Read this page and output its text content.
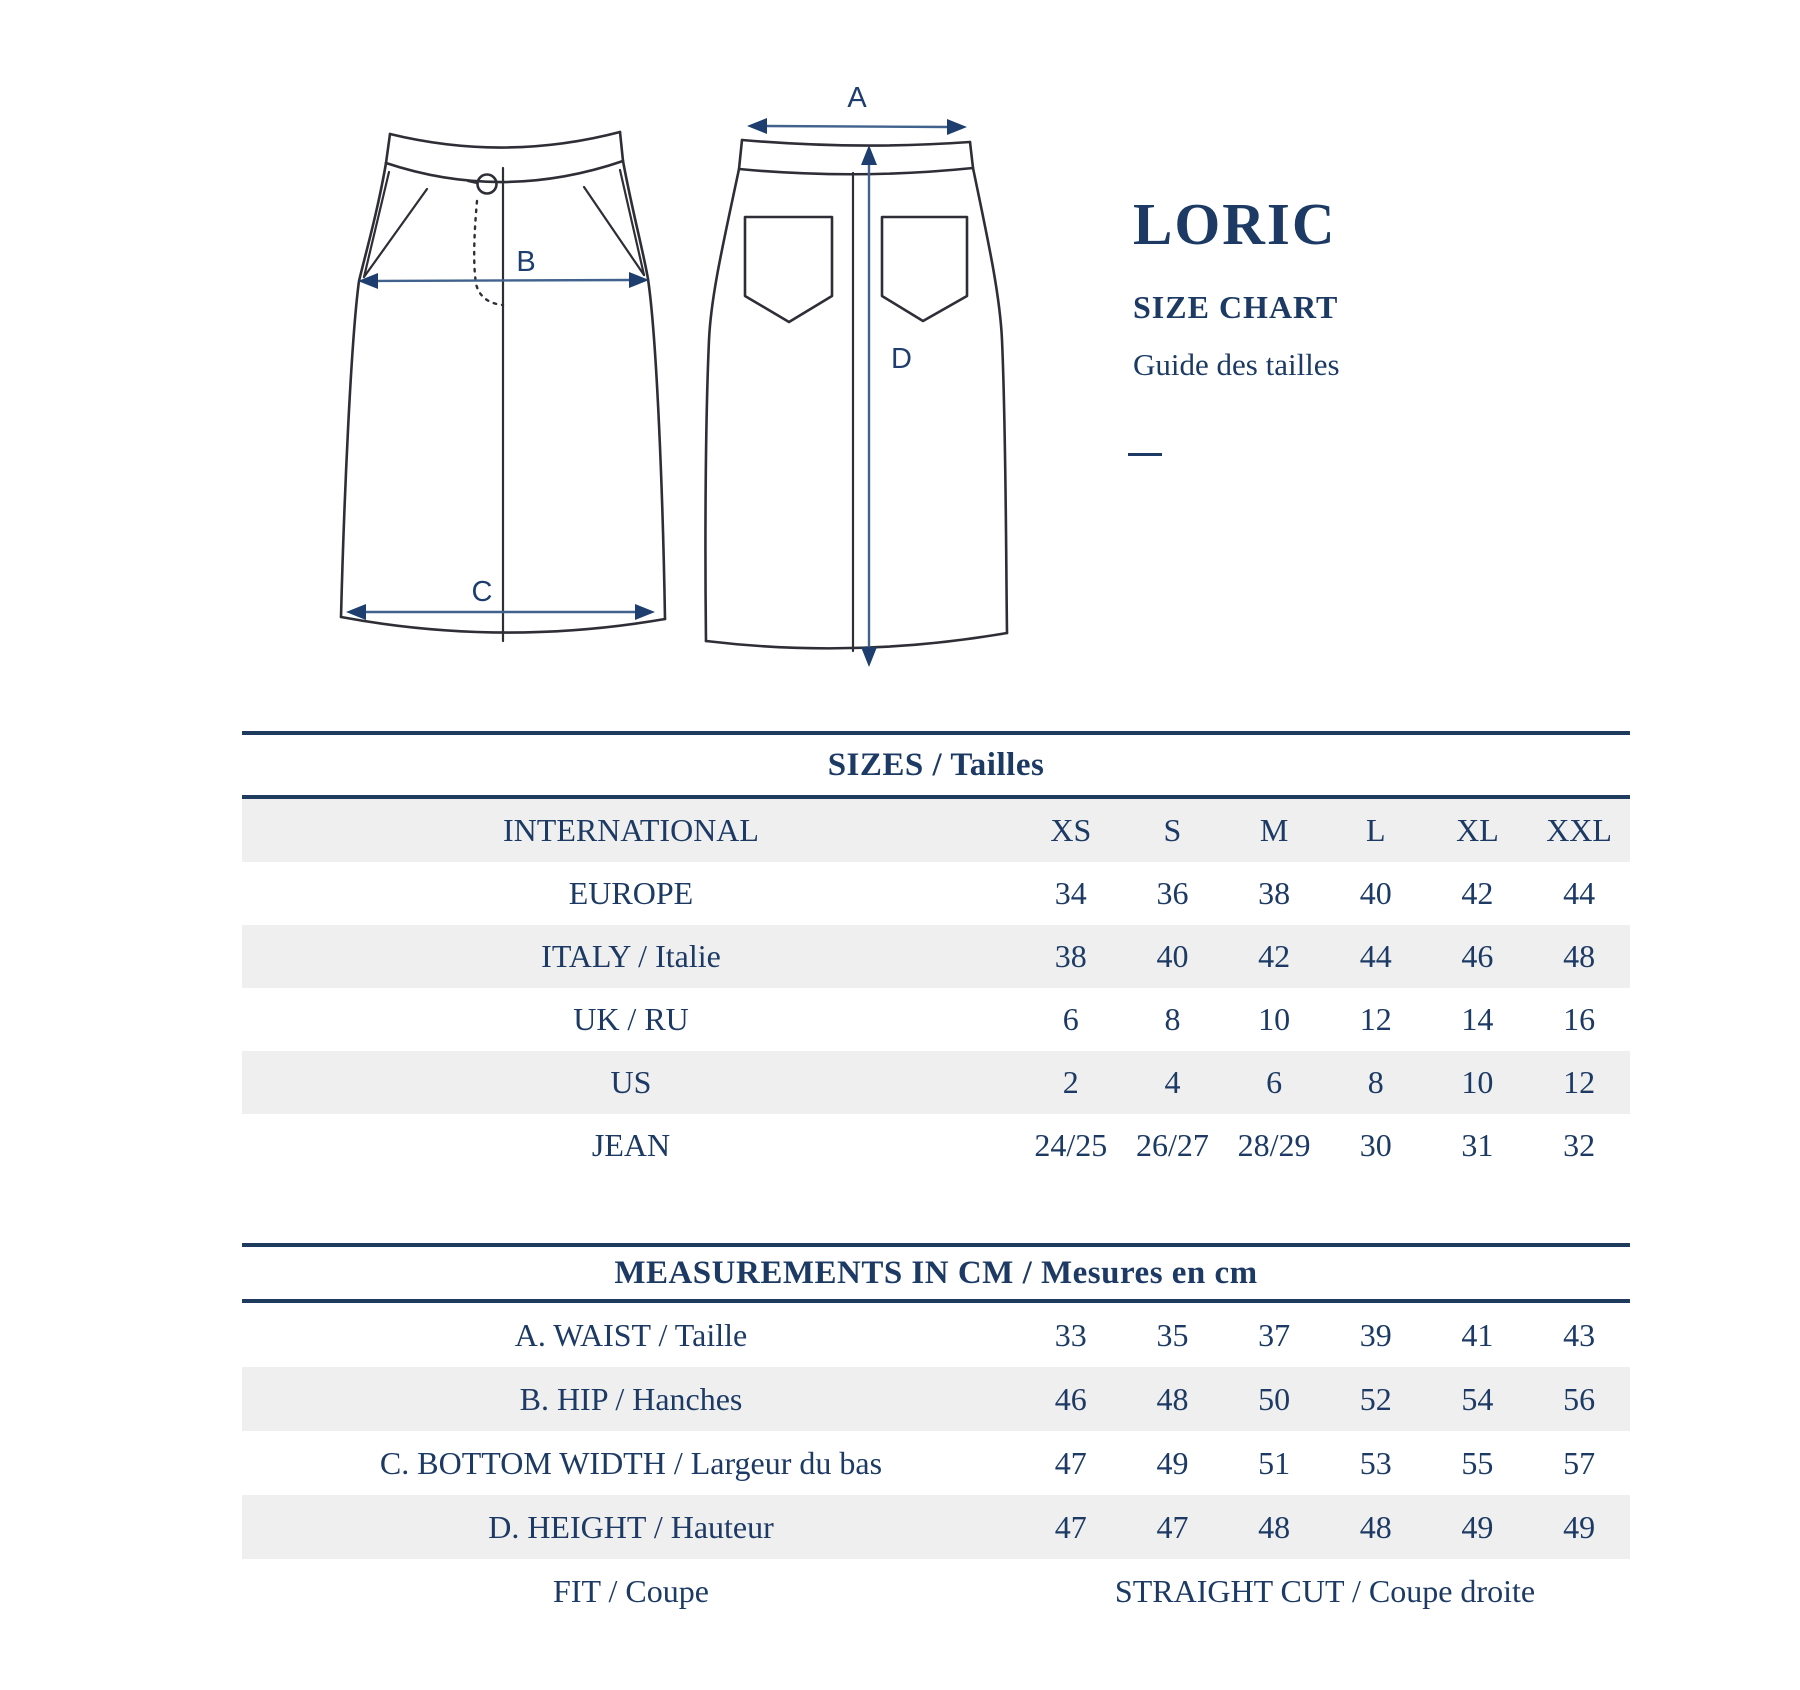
A
B
C
D
LORIC
SIZE CHART
Guide des tailles
SIZES / Tailles
INTERNATIONAL	XS	S	M	L	XL	XXL
EUROPE	34	36	38	40	42	44
ITALY / Italie	38	40	42	44	46	48
UK / RU	6	8	10	12	14	16
US	2	4	6	8	10	12
JEAN	24/25 26/27 28/29	30	31	32
MEASUREMENTS IN CM / Mesures en cm
A. WAIST / Taille	33	35	37	39	41	43
B. HIP / Hanches	46	48	50	52	54	56
C. BOTTOM WIDTH / Largeur du bas	47	49	51	53	55	57
D. HEIGHT / Hauteur	47	47	48	48	49	49
FIT / Coupe	STRAIGHT CUT / Coupe droite
